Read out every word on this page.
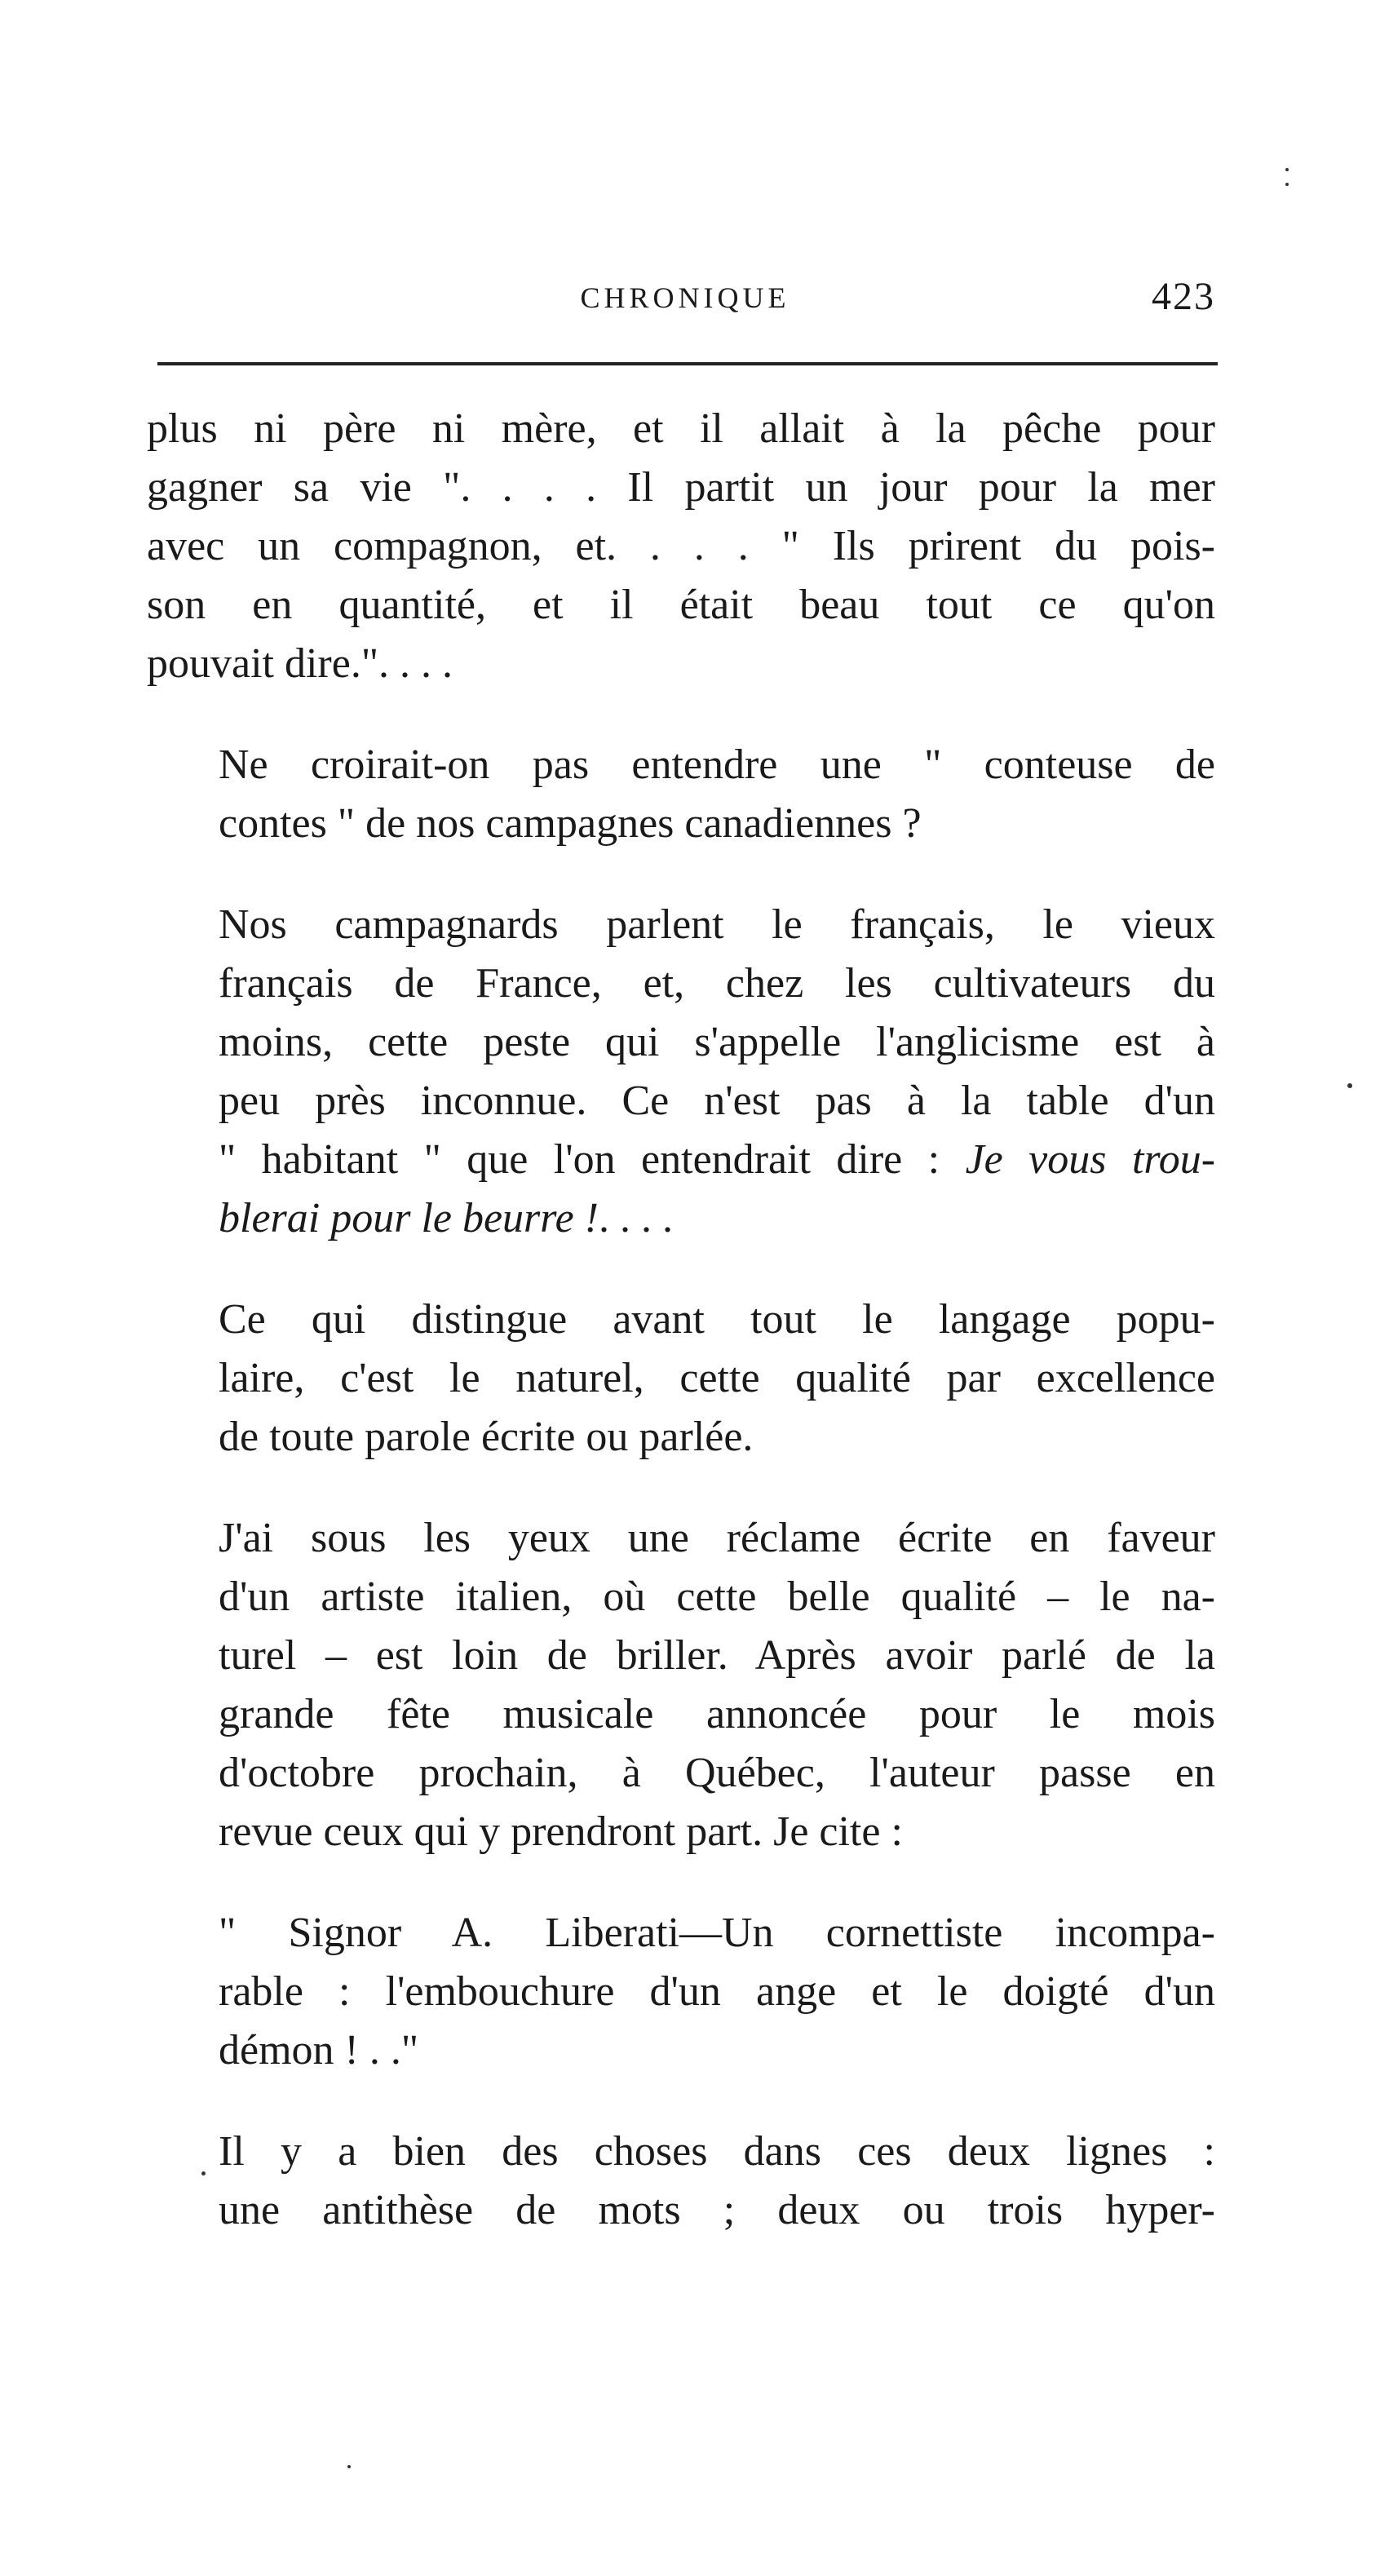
CHRONIQUE	423

plus ni père ni mère, et il allait à la pêche pour
gagner sa vie ". . . . Il partit un jour pour la mer
avec un compagnon, et. . . . " Ils prirent du pois-
son en quantité, et il était beau tout ce qu'on
pouvait dire.". . . .

Ne croirait-on pas entendre une " conteuse de
contes " de nos campagnes canadiennes ?

Nos campagnards parlent le français, le vieux
français de France, et, chez les cultivateurs du
moins, cette peste qui s'appelle l'anglicisme est à
peu près inconnue. Ce n'est pas à la table d'un
" habitant " que l'on entendrait dire : Je vous trou-
blerai pour le beurre !. . . .

Ce qui distingue avant tout le langage popu-
laire, c'est le naturel, cette qualité par excellence
de toute parole écrite ou parlée.

J'ai sous les yeux une réclame écrite en faveur
d'un artiste italien, où cette belle qualité – le na-
turel – est loin de briller. Après avoir parlé de la
grande fête musicale annoncée pour le mois
d'octobre prochain, à Québec, l'auteur passe en
revue ceux qui y prendront part. Je cite :

" Signor A. Liberati—Un cornettiste incompa-
rable : l'embouchure d'un ange et le doigté d'un
démon ! . ."

Il y a bien des choses dans ces deux lignes :
une antithèse de mots ; deux ou trois hyper-
